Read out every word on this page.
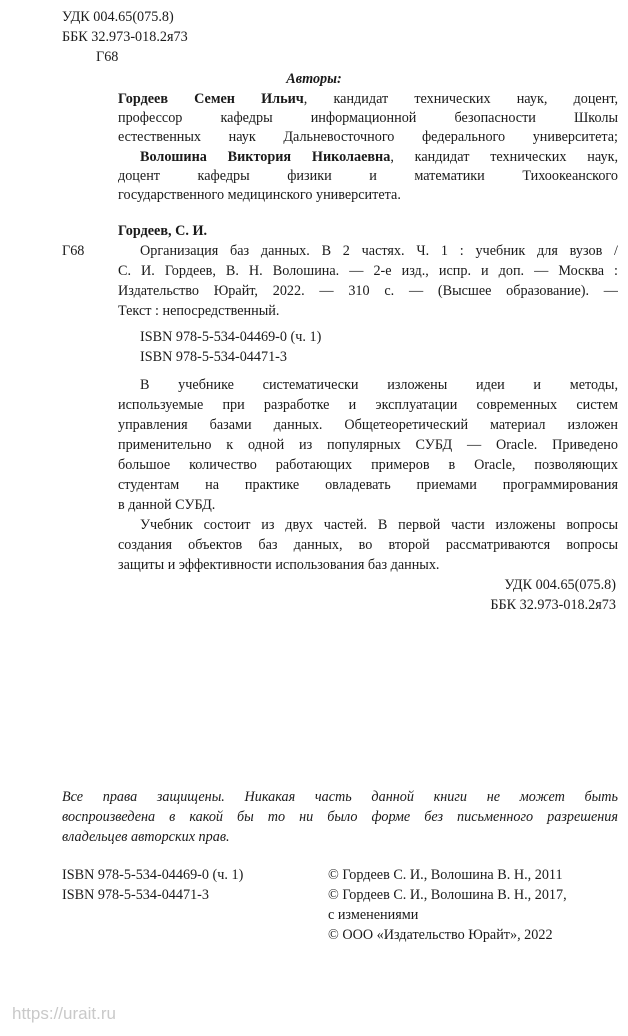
УДК 004.65(075.8)
ББК 32.973-018.2я73
Г68
Авторы:
Гордеев Семен Ильич, кандидат технических наук, доцент,
профессор кафедры информационной безопасности Школы
естественных наук Дальневосточного федерального университета;
Волошина Виктория Николаевна, кандидат технических наук,
доцент кафедры физики и математики Тихоокеанского
государственного медицинского университета.
Гордеев, С. И.
Г68	Организация баз данных. В 2 частях. Ч. 1 : учебник для вузов /
С. И. Гордеев, В. Н. Волошина. — 2-е изд., испр. и доп. — Москва :
Издательство Юрайт, 2022. — 310 с. — (Высшее образование). —
Текст : непосредственный.
ISBN 978-5-534-04469-0 (ч. 1)
ISBN 978-5-534-04471-3
В учебнике систематически изложены идеи и методы,
используемые при разработке и эксплуатации современных систем
управления базами данных. Общетеоретический материал изложен
применительно к одной из популярных СУБД — Oracle. Приведено
большое количество работающих примеров в Oracle, позволяющих
студентам на практике овладевать приемами программирования
в данной СУБД.
Учебник состоит из двух частей. В первой части изложены вопросы
создания объектов баз данных, во второй рассматриваются вопросы
защиты и эффективности использования баз данных.
УДК 004.65(075.8)
ББК 32.973-018.2я73
Все права защищены. Никакая часть данной книги не может быть
воспроизведена в какой бы то ни было форме без письменного разрешения
владельцев авторских прав.
ISBN 978-5-534-04469-0 (ч. 1)
ISBN 978-5-534-04471-3
© Гордеев С. И., Волошина В. Н., 2011
© Гордеев С. И., Волошина В. Н., 2017,
с изменениями
© ООО «Издательство Юрайт», 2022
https://urait.ru
